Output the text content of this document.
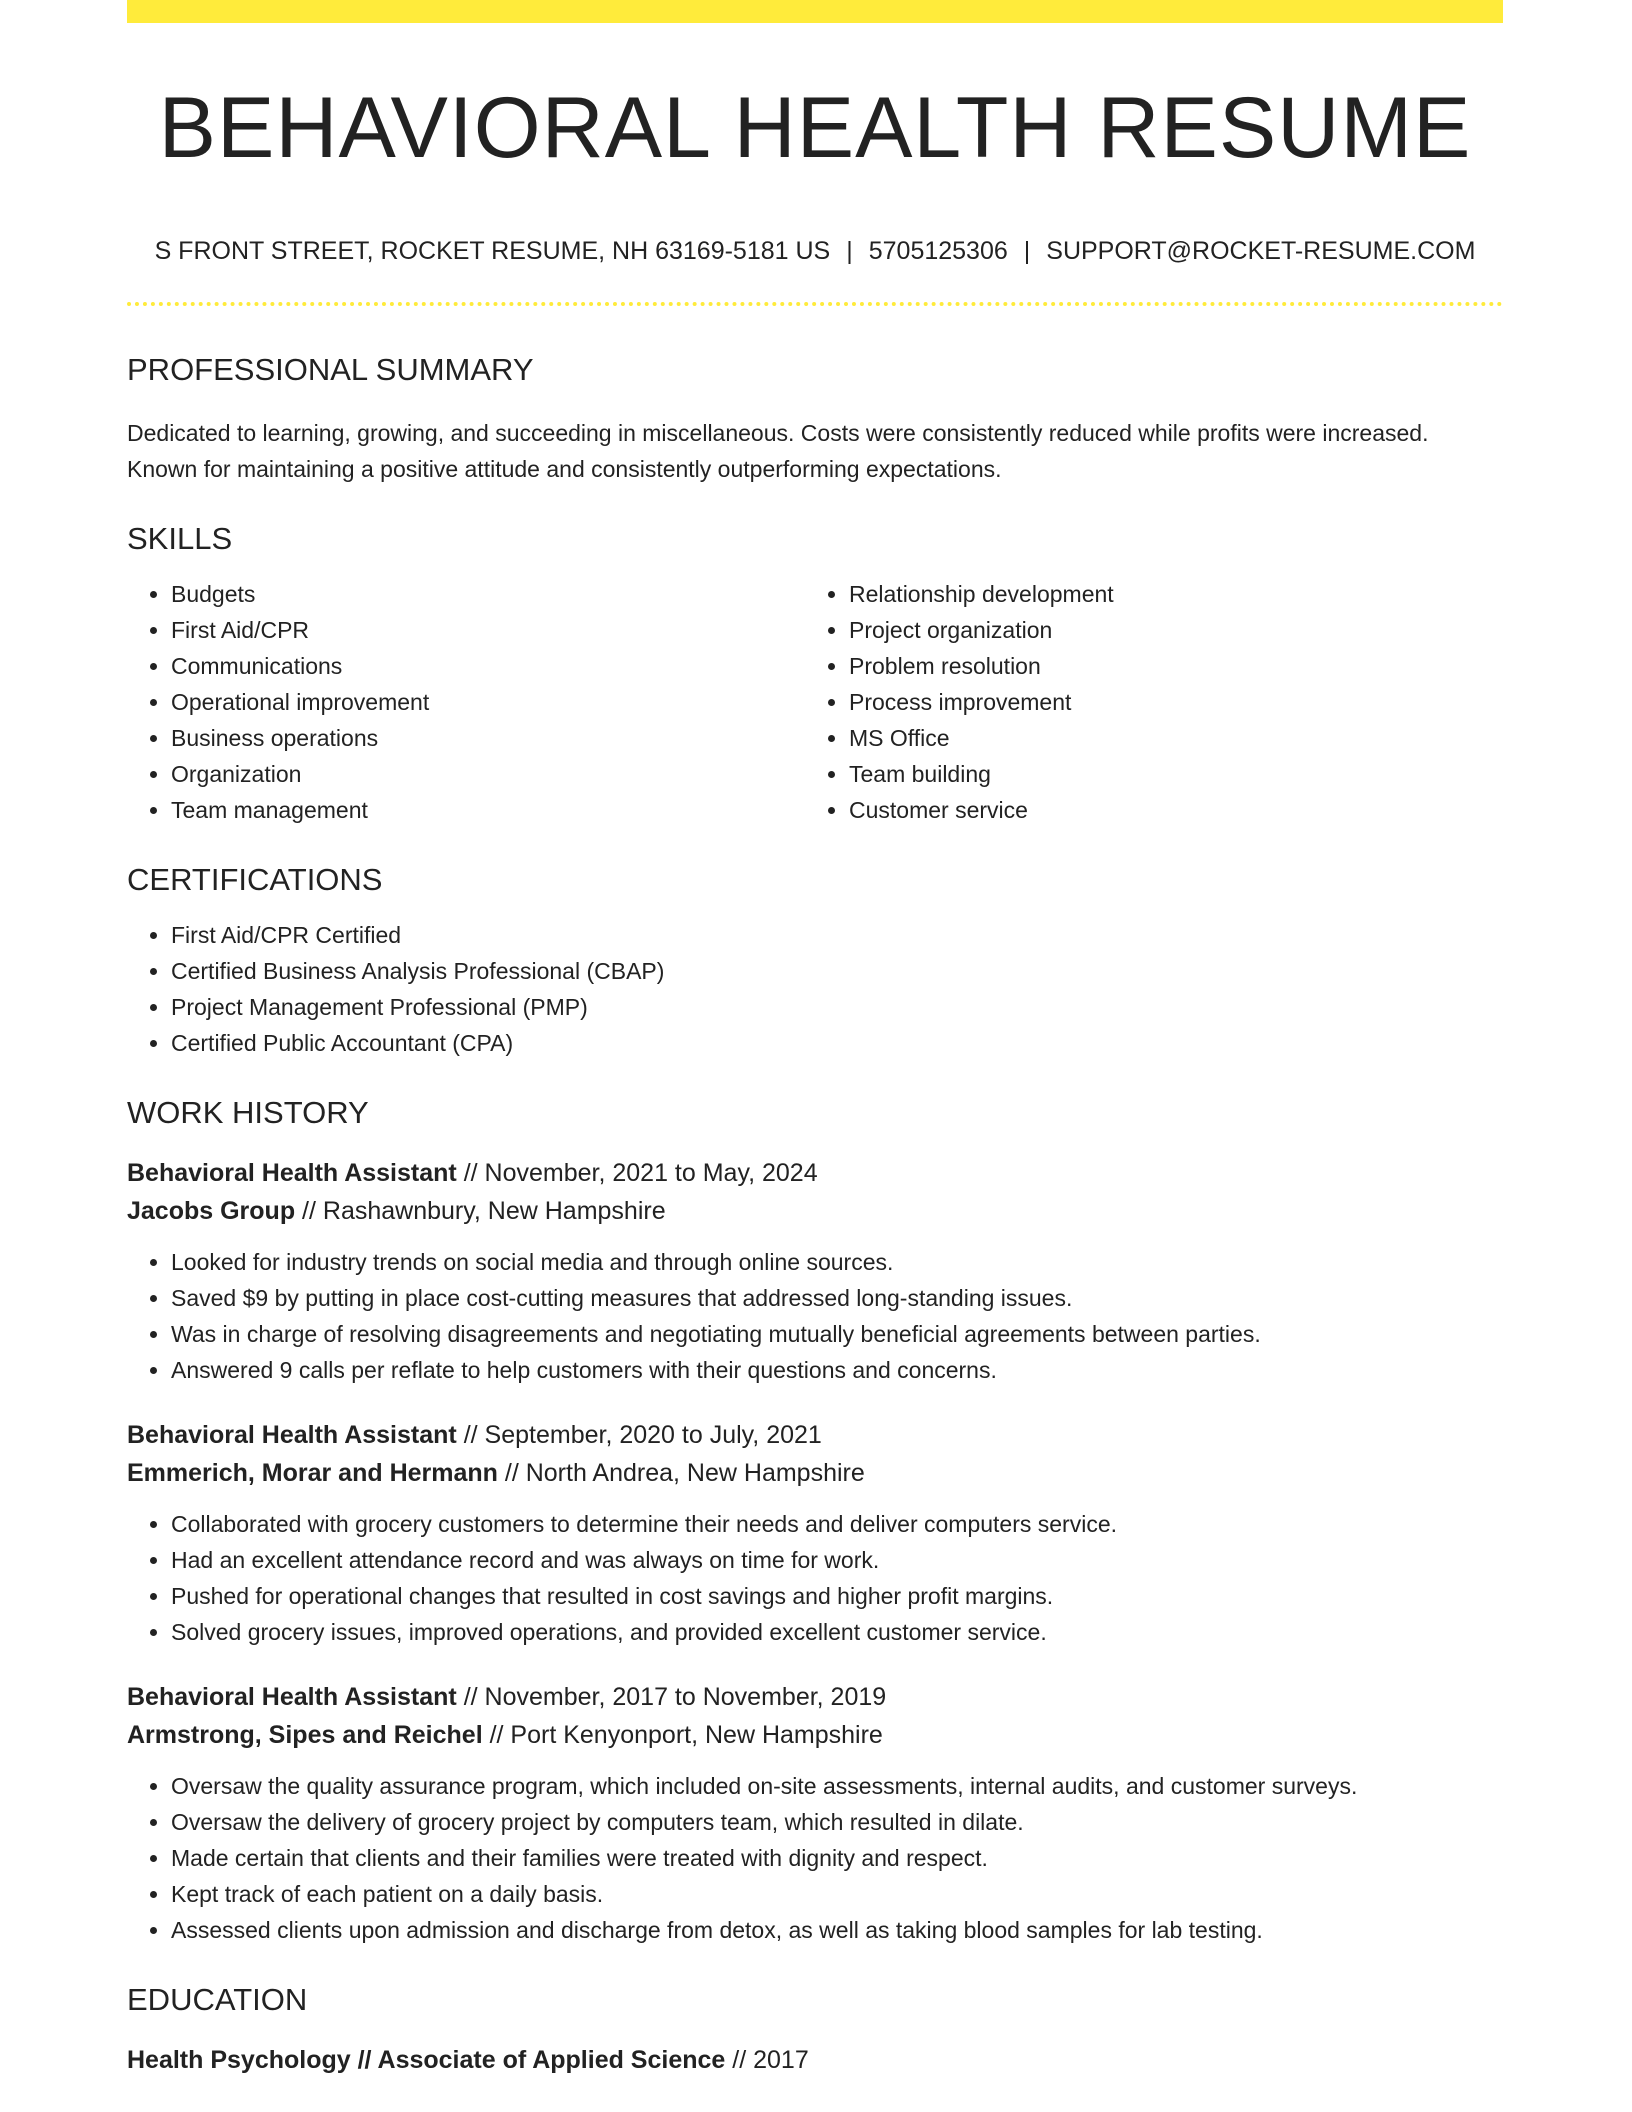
BEHAVIORAL HEALTH RESUME
S FRONT STREET, ROCKET RESUME, NH 63169-5181 US | 5705125306 | SUPPORT@ROCKET-RESUME.COM
PROFESSIONAL SUMMARY

Dedicated to learning, growing, and succeeding in miscellaneous. Costs were consistently reduced while profits were increased. Known for maintaining a positive attitude and consistently outperforming expectations.

SKILLS
• Budgets
• First Aid/CPR
• Communications
• Operational improvement
• Business operations
• Organization
• Team management
• Relationship development
• Project organization
• Problem resolution
• Process improvement
• MS Office
• Team building
• Customer service
CERTIFICATIONS
• First Aid/CPR Certified
• Certified Business Analysis Professional (CBAP)
• Project Management Professional (PMP)
• Certified Public Accountant (CPA)
WORK HISTORY
Behavioral Health Assistant // November, 2021 to May, 2024
Jacobs Group // Rashawnbury, New Hampshire
• Looked for industry trends on social media and through online sources.
• Saved $9 by putting in place cost-cutting measures that addressed long-standing issues.
• Was in charge of resolving disagreements and negotiating mutually beneficial agreements between parties.
• Answered 9 calls per reflate to help customers with their questions and concerns.
Behavioral Health Assistant // September, 2020 to July, 2021
Emmerich, Morar and Hermann // North Andrea, New Hampshire
• Collaborated with grocery customers to determine their needs and deliver computers service.
• Had an excellent attendance record and was always on time for work.
• Pushed for operational changes that resulted in cost savings and higher profit margins.
• Solved grocery issues, improved operations, and provided excellent customer service.
Behavioral Health Assistant // November, 2017 to November, 2019
Armstrong, Sipes and Reichel // Port Kenyonport, New Hampshire
• Oversaw the quality assurance program, which included on-site assessments, internal audits, and customer surveys.
• Oversaw the delivery of grocery project by computers team, which resulted in dilate.
• Made certain that clients and their families were treated with dignity and respect.
• Kept track of each patient on a daily basis.
• Assessed clients upon admission and discharge from detox, as well as taking blood samples for lab testing.
EDUCATION
Health Psychology // Associate of Applied Science // 2017
